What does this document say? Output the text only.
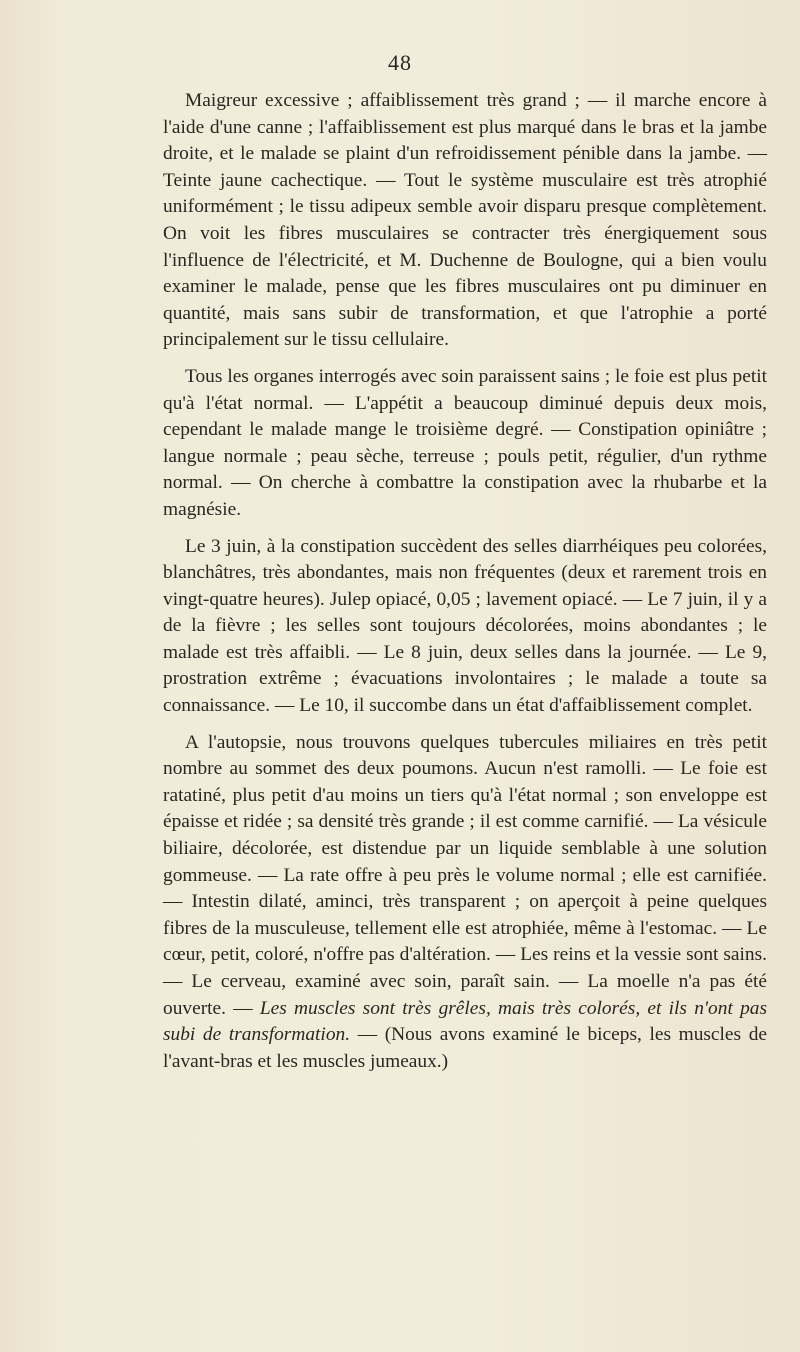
48

Maigreur excessive ; affaiblissement très grand ; — il marche encore à l'aide d'une canne ; l'affaiblissement est plus marqué dans le bras et la jambe droite, et le malade se plaint d'un refroidissement pénible dans la jambe. — Teinte jaune cachectique. — Tout le système musculaire est très atrophié uniformément ; le tissu adipeux semble avoir disparu presque complètement. On voit les fibres musculaires se contracter très énergiquement sous l'influence de l'électricité, et M. Duchenne de Boulogne, qui a bien voulu examiner le malade, pense que les fibres musculaires ont pu diminuer en quantité, mais sans subir de transformation, et que l'atrophie a porté principalement sur le tissu cellulaire.

Tous les organes interrogés avec soin paraissent sains ; le foie est plus petit qu'à l'état normal. — L'appétit a beaucoup diminué depuis deux mois, cependant le malade mange le troisième degré. — Constipation opiniâtre ; langue normale ; peau sèche, terreuse ; pouls petit, régulier, d'un rythme normal. — On cherche à combattre la constipation avec la rhubarbe et la magnésie.

Le 3 juin, à la constipation succèdent des selles diarrhéiques peu colorées, blanchâtres, très abondantes, mais non fréquentes (deux et rarement trois en vingt-quatre heures). Julep opiacé, 0,05 ; lavement opiacé. — Le 7 juin, il y a de la fièvre ; les selles sont toujours décolorées, moins abondantes ; le malade est très affaibli. — Le 8 juin, deux selles dans la journée. — Le 9, prostration extrême ; évacuations involontaires ; le malade a toute sa connaissance. — Le 10, il succombe dans un état d'affaiblissement complet.

A l'autopsie, nous trouvons quelques tubercules miliaires en très petit nombre au sommet des deux poumons. Aucun n'est ramolli. — Le foie est ratatiné, plus petit d'au moins un tiers qu'à l'état normal ; son enveloppe est épaisse et ridée ; sa densité très grande ; il est comme carnifié. — La vésicule biliaire, décolorée, est distendue par un liquide semblable à une solution gommeuse. — La rate offre à peu près le volume normal ; elle est carnifiée. — Intestin dilaté, aminci, très transparent ; on aperçoit à peine quelques fibres de la musculeuse, tellement elle est atrophiée, même à l'estomac. — Le cœur, petit, coloré, n'offre pas d'altération. — Les reins et la vessie sont sains. — Le cerveau, examiné avec soin, paraît sain. — La moelle n'a pas été ouverte. — Les muscles sont très grêles, mais très colorés, et ils n'ont pas subi de transformation. — (Nous avons examiné le biceps, les muscles de l'avant-bras et les muscles jumeaux.)
